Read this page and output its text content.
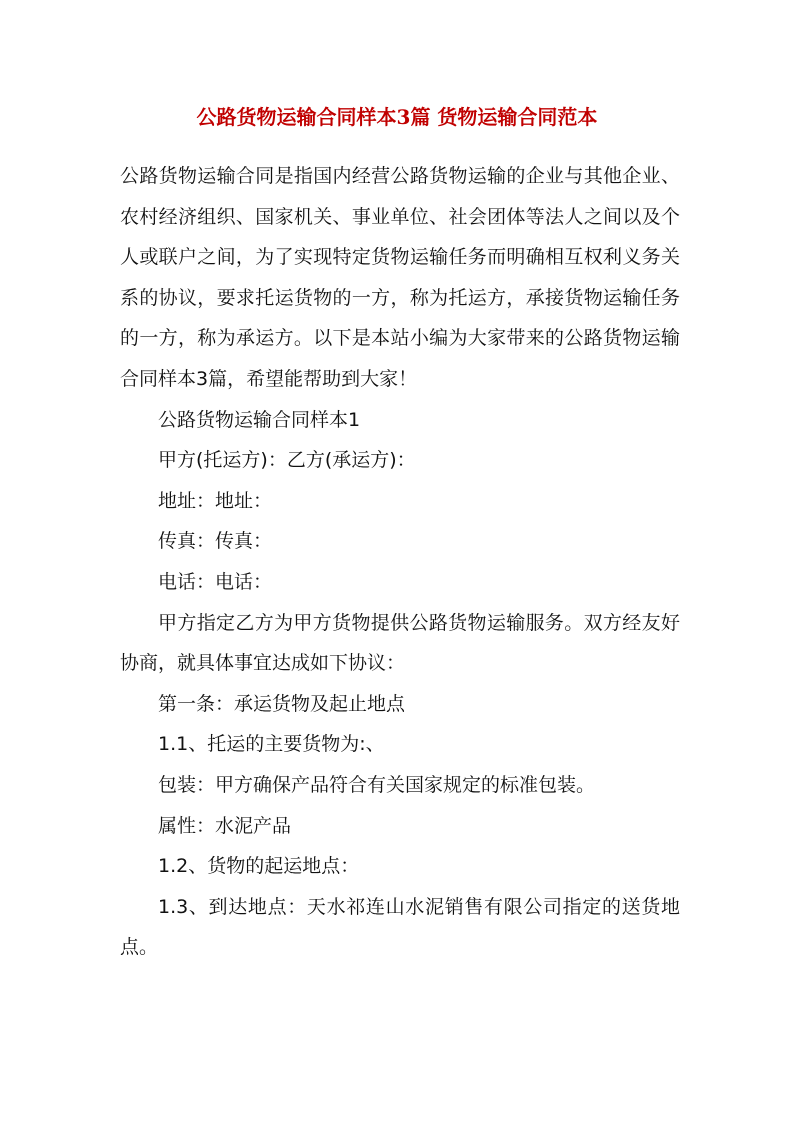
公路货物运输合同样本3篇 货物运输合同范本

公路货物运输合同是指国内经营公路货物运输的企业与其他企业、农村经济组织、国家机关、事业单位、社会团体等法人之间以及个人或联户之间，为了实现特定货物运输任务而明确相互权利义务关系的协议，要求托运货物的一方，称为托运方，承接货物运输任务的一方，称为承运方。以下是本站小编为大家带来的公路货物运输合同样本3篇，希望能帮助到大家！

公路货物运输合同样本1

甲方(托运方)：乙方(承运方)：

地址：地址：

传真：传真：

电话：电话：

甲方指定乙方为甲方货物提供公路货物运输服务。双方经友好协商，就具体事宜达成如下协议：

第一条：承运货物及起止地点

1.1、托运的主要货物为:、

包装：甲方确保产品符合有关国家规定的标准包装。

属性：水泥产品

1.2、货物的起运地点：

1.3、到达地点：天水祁连山水泥销售有限公司指定的送货地点。
